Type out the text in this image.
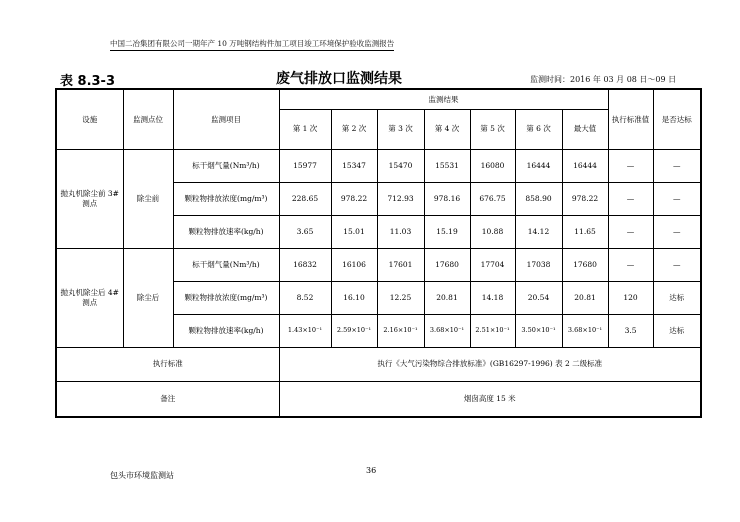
中国二冶集团有限公司一期年产 10 万吨钢结构件加工项目竣工环境保护验收监测报告
表 8.3-3	废气排放口监测结果	监测时间：2016 年 03 月 08 日～09 日
设施	监测点位	监测项目	监测结果							执行标准值	是否达标
			第 1 次	第 2 次	第 3 次	第 4 次	第 5 次	第 6 次	最大值		
抛丸机除尘前 3#测点	除尘前	标干烟气量(Nm³/h)	15977	15347	15470	15531	16080	16444	16444	—	—
		颗粒物排放浓度(mg/m³)	228.65	978.22	712.93	978.16	676.75	858.90	978.22	—	—
		颗粒物排放速率(kg/h)	3.65	15.01	11.03	15.19	10.88	14.12	11.65	—	—
抛丸机除尘后 4#测点	除尘后	标干烟气量(Nm³/h)	16832	16106	17601	17680	17704	17038	17680	—	—
		颗粒物排放浓度(mg/m³)	8.52	16.10	12.25	20.81	14.18	20.54	20.81	120	达标
		颗粒物排放速率(kg/h)	1.43×10⁻¹	2.59×10⁻¹	2.16×10⁻¹	3.68×10⁻¹	2.51×10⁻¹	3.50×10⁻¹	3.68×10⁻¹	3.5	达标
执行标准			执行《大气污染物综合排放标准》(GB16297-1996) 表 2 二级标准								
备注			烟囱高度 15 米								
包头市环境监测站
36
